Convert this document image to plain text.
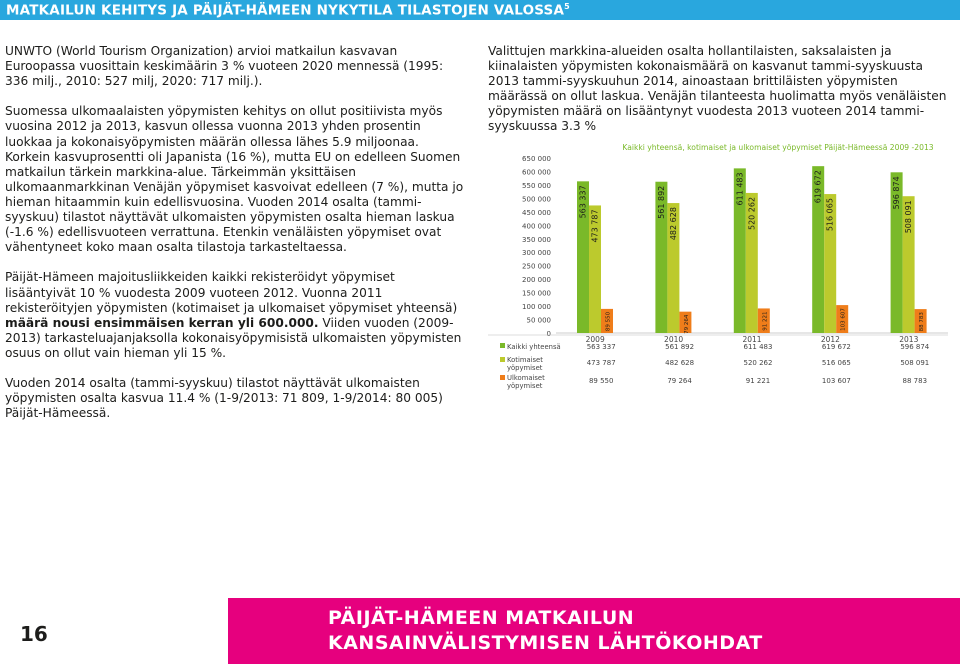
MATKAILUN KEHITYS JA PÄIJÄT-HÄMEEN NYKYTILA TILASTOJEN VALOSSA$^5$

UNWTO (World Tourism Organization) arvioi matkailun kasvavan Euroopassa vuosittain keskimäärin 3 % vuoteen 2020 mennessä (1995: 336 milj., 2010: 527 milj, 2020: 717 milj.).

Suomessa ulkomaalaisten yöpymisten kehitys on ollut positiivista myös vuosina 2012 ja 2013, kasvun ollessa vuonna 2013 yhden prosentin luokkaa ja kokonaisyöpymisten määrän ollessa lähes 5.9 miljoonaa. Korkein kasvuprosentti oli Japanista (16 %), mutta EU on edelleen Suomen matkailun tärkein markkina-alue. Tärkeimmän yksittäisen ulkomaanmarkkinan Venäjän yöpymiset kasvoivat edelleen (7 %), mutta jo hieman hitaammin kuin edellisvuosina. Vuoden 2014 osalta (tammi-syyskuu) tilastot näyttävät ulkomaisten yöpymisten osalta hieman laskua (-1.6 %) edellisvuoteen verrattuna. Etenkin venäläisten yöpymiset ovat vähentyneet koko maan osalta tilastoja tarkasteltaessa.

Päijät-Hämeen majoitusliikkeiden kaikki rekisteröidyt yöpymiset lisääntyivät 10 % vuodesta 2009 vuoteen 2012. Vuonna 2011 rekisteröityjen yöpymisten (kotimaiset ja ulkomaiset yöpymiset yhteensä) määrä nousi ensimmäisen kerran yli 600.000. Viiden vuoden (2009-2013) tarkasteluajanjaksolla kokonaisyöpymisistä ulkomaisten yöpymisten osuus on ollut vain hieman yli 15 %.

Vuoden 2014 osalta (tammi-syyskuu) tilastot näyttävät ulkomaisten yöpymisten osalta kasvua 11.4 % (1-9/2013: 71 809, 1-9/2014: 80 005) Päijät-Hämeessä.

Valittujen markkina-alueiden osalta hollantilaisten, saksalaisten ja kiinalaisten yöpymisten kokonaismäärä on kasvanut tammi-syyskuusta 2013 tammi-syyskuuhun 2014, ainoastaan brittiläisten yöpymisten määrässä on ollut laskua. Venäjän tilanteesta huolimatta myös venäläisten yöpymisten määrä on lisääntynyt vuodesta 2013 vuoteen 2014 tammi-syyskuussa 3.3 %

Kaikki yhteensä, kotimaiset ja ulkomaiset yöpymiset Päijät-Hämeessä 2009 -2013
0
50 000
100 000
150 000
200 000
250 000
300 000
350 000
400 000
450 000
500 000
550 000
600 000
650 000
563 337
473 787
89 550
2009
561 892
482 628
79 264
2010
611 483
520 262
91 221
2011
619 672
516 065
103 607
2012
596 874
508 091
88 783
2013
Kaikki yhteensä	563 337	561 892	611 483	619 672	596 874
Kotimaiset
yöpymiset
473 787	482 628	520 262	516 065	508 091
Ulkomaiset
yöpymiset
89 550	79 264	91 221	103 607	88 783
16
PÄIJÄT-HÄMEEN MATKAILUN
KANSAINVÄLISTYMISEN LÄHTÖKOHDAT
